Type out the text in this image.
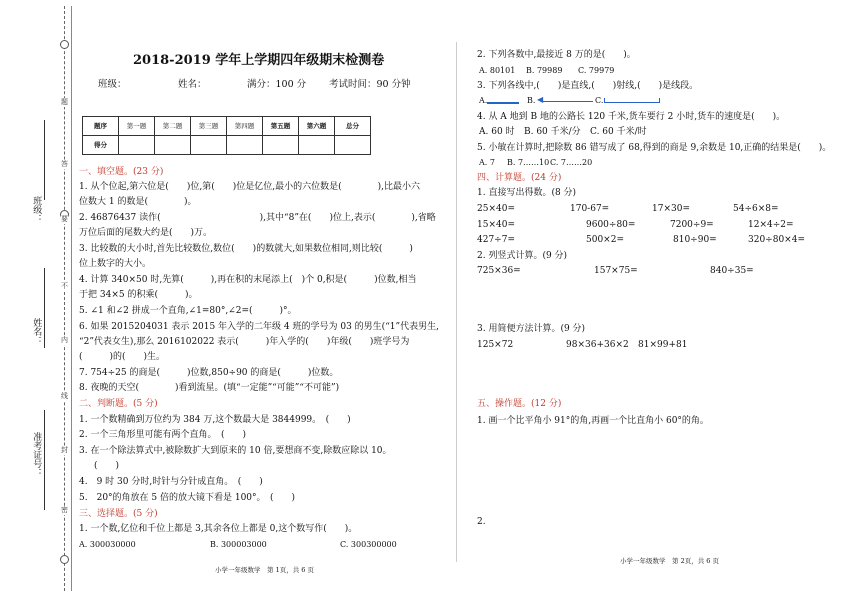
题
答
要
不
内
线
封
密
班级：
姓名：
准考证号：
2018-2019 学年上学期四年级期末检测卷
班级：	姓名：	满分：100 分 考试时间：90 分钟
题序	第一题	第二题	第三题	第四题	第五题	第六题	总分
得分							
一、填空题。(23 分)
1. 从个位起,第六位是(　　)位,第(　　)位是亿位,最小的六位数是(　　　　),比最小六
位数大 1 的数是(　　　　)。
2. 46876437 读作(　　　　　　　　　　　),其中“8”在(　　)位上,表示(　　　　),省略
万位后面的尾数大约是(　　)万。
3. 比较数的大小时,首先比较数位,数位(　　)的数就大,如果数位相同,则比较(　　　)
位上数字的大小。
4. 计算 340×50 时,先算(　　　),再在积的末尾添上(　)个 0,积是(　　　)位数,相当
于把 34×5 的积乘(　　　)。
5. ∠1 和∠2 拼成一个直角,∠1=80°,∠2=(　　　)°。
6. 如果 2015204031 表示 2015 年入学的二年级 4 班的学号为 03 的男生(“1”代表男生,
“2”代表女生),那么 2016102022 表示(　　　)年入学的(　　)年级(　　)班学号为
(　　　)的(　　)生。
7. 754÷25 的商是(　　　)位数,850÷90 的商是(　　　)位数。
8. 夜晚的天空(　　　　)看到流星。(填“一定能”“可能”“不可能”)
二、判断题。(5 分)
1. 一个数精确到万位约为 384 万,这个数最大是 3844999。　(　　)
2. 一个三角形里可能有两个直角。　(　　)
3. 在一个除法算式中,被除数扩大到原来的 10 倍,要想商不变,除数应除以 10。
(　　)
4.　9 时 30 分时,时针与分针成直角。　(　　)
5.　20°的角放在 5 倍的放大镜下看是 100°。　(　　)
三、选择题。(5 分)
1. 一个数,亿位和千位上都是 3,其余各位上都是 0,这个数写作(　　)。
A. 300030000	B. 300003000	C. 300300000
小学一年级数学　第 1页，共 6 页
2. 下列各数中,最接近 8 万的是(　　)。
A. 80101 B. 79989 C. 79979
3. 下列各线中,(　　)是直线,(　　)射线,(　　)是线段。
A.	B. ◀	C.
4. 从 A 地到 B 地的公路长 120 千米,货车要行 2 小时,货车的速度是(　　)。
A. 60 时 B. 60 千米/分 C. 60 千米/时
5. 小敏在计算时,把除数 86 错写成了 68,得到的商是 9,余数是 10,正确的结果是(　　)。
A. 7 B. 7……10 C. 7……20
四、计算题。(24 分)
1. 直接写出得数。(8 分)
25×40=	170-67=	17×30=	54÷6×8=
15×40=	9600÷80=	7200÷9=	12×4÷2=
427÷7=	500×2=	810÷90=	320÷80×4=
2. 列竖式计算。(9 分)
725×36=	157×75=	840÷35=
3. 用简便方法计算。(9 分)
125×72	98×36+36×2 81×99+81
五、操作题。(12 分)
1. 画一个比平角小 91°的角,再画一个比直角小 60°的角。
2.
小学一年级数学　第 2页，共 6 页
